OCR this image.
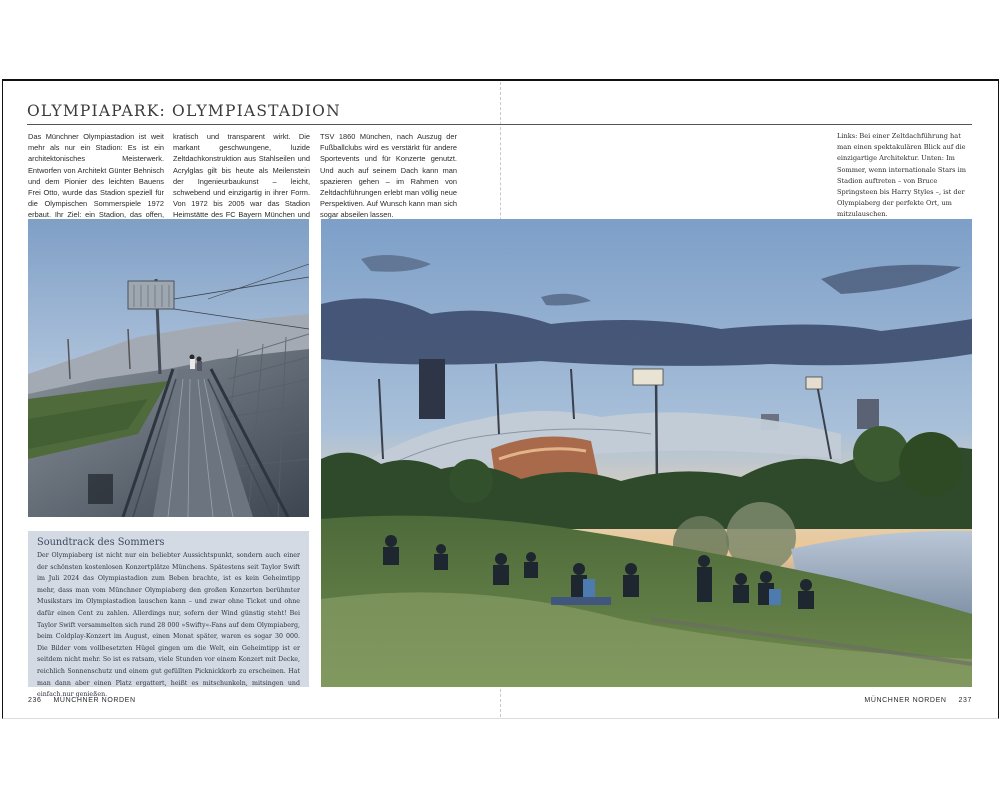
OLYMPIAPARK: OLYMPIASTADION

Das Münchner Olympiastadion ist weit mehr als nur ein Stadion: Es ist ein architektonisches Meisterwerk. Entworfen von Architekt Günter Behnisch und dem Pionier des leichten Bauens Frei Otto, wurde das Stadion speziell für die Olympischen Sommerspiele 1972 erbaut. Ihr Ziel: ein Stadion, das offen,

kratisch und transparent wirkt. Die markant geschwungene, luzide Zeltdachkonstruktion aus Stahlseilen und Acrylglas gilt bis heute als Meilenstein der Ingenieurbaukunst – leicht, schwebend und einzigartig in ihrer Form. Von 1972 bis 2005 war das Stadion Heimstätte des FC Bayern München und

TSV 1860 München, nach Auszug der Fußballclubs wird es verstärkt für andere Sportevents und für Konzerte genutzt. Und auch auf seinem Dach kann man spazieren gehen – im Rahmen von Zeltdachführungen erlebt man völlig neue Perspektiven. Auf Wunsch kann man sich sogar abseilen lassen.

Links: Bei einer Zeltdachführung hat man einen spektakulären Blick auf die einzigartige Architektur. Unten: Im Sommer, wenn internationale Stars im Stadion auftreten – von Bruce Springsteen bis Harry Styles –, ist der Olympiaberg der perfekte Ort, um mitzulauschen.

Soundtrack des Sommers

Der Olympiaberg ist nicht nur ein beliebter Aussichtspunkt, sondern auch einer der schönsten kostenlosen Konzertplätze Münchens. Spätestens seit Taylor Swift im Juli 2024 das Olympiastadion zum Beben brachte, ist es kein Geheimtipp mehr, dass man vom Münchner Olympiaberg den großen Konzerten berühmter Musikstars im Olympiastadion lauschen kann – und zwar ohne Ticket und ohne dafür einen Cent zu zahlen. Allerdings nur, sofern der Wind günstig steht! Bei Taylor Swift versammelten sich rund 28 000 »Swifty«-Fans auf dem Olympiaberg, beim Coldplay-Konzert im August, einen Monat später, waren es sogar 30 000. Die Bilder vom vollbesetzten Hügel gingen um die Welt, ein Geheimtipp ist er seitdem nicht mehr. So ist es ratsam, viele Stunden vor einem Konzert mit Decke, reichlich Sonnenschutz und einem gut gefüllten Picknickkorb zu erscheinen. Hat man dann aber einen Platz ergattert, heißt es mitschunkeln, mitsingen und einfach nur genießen.

236 MÜNCHNER NORDEN	MÜNCHNER NORDEN 237
